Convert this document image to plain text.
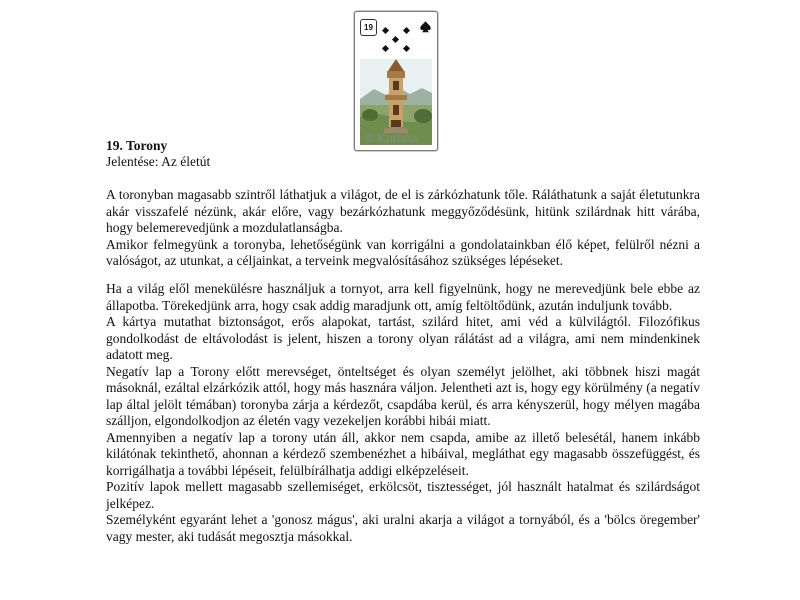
19
© Kartina
19. Torony
Jelentése: Az életút

A toronyban magasabb szintről láthatjuk a világot, de el is zárkózhatunk tőle. Ráláthatunk a saját életutunkra akár visszafelé nézünk, akár előre, vagy bezárkózhatunk meggyőződésünk, hitünk szilárdnak hitt várába, hogy belemerevedjünk a mozdulatlanságba.

Amikor felmegyünk a toronyba, lehetőségünk van korrigálni a gondolatainkban élő képet, felülről nézni a valóságot, az utunkat, a céljainkat, a terveink megvalósításához szükséges lépéseket.

Ha a világ elől menekülésre használjuk a tornyot, arra kell figyelnünk, hogy ne merevedjünk bele ebbe az állapotba. Törekedjünk arra, hogy csak addig maradjunk ott, amíg feltöltődünk, azután induljunk tovább.

A kártya mutathat biztonságot, erős alapokat, tartást, szilárd hitet, ami véd a külvilágtól. Filozófikus gondolkodást de eltávolodást is jelent, hiszen a torony olyan rálátást ad a világra, ami nem mindenkinek adatott meg.

Negatív lap a Torony előtt merevséget, önteltséget és olyan személyt jelölhet, aki többnek hiszi magát másoknál, ezáltal elzárkózik attól, hogy más hasznára váljon. Jelentheti azt is, hogy egy körülmény (a negatív lap által jelölt témában) toronyba zárja a kérdezőt, csapdába kerül, és arra kényszerül, hogy mélyen magába szálljon, elgondolkodjon az életén vagy vezekeljen korábbi hibái miatt.

Amennyiben a negatív lap a torony után áll, akkor nem csapda, amibe az illető belesétál, hanem inkább kilátónak tekinthető, ahonnan a kérdező szembenézhet a hibáival, megláthat egy magasabb összefüggést, és korrigálhatja a további lépéseit, felülbírálhatja addigi elképzeléseit.

Pozitív lapok mellett magasabb szellemiséget, erkölcsöt, tisztességet, jól használt hatalmat és szilárdságot jelképez.

Személyként egyaránt lehet a 'gonosz mágus', aki uralni akarja a világot a tornyából, és a 'bölcs öregember' vagy mester, aki tudását megosztja másokkal.
